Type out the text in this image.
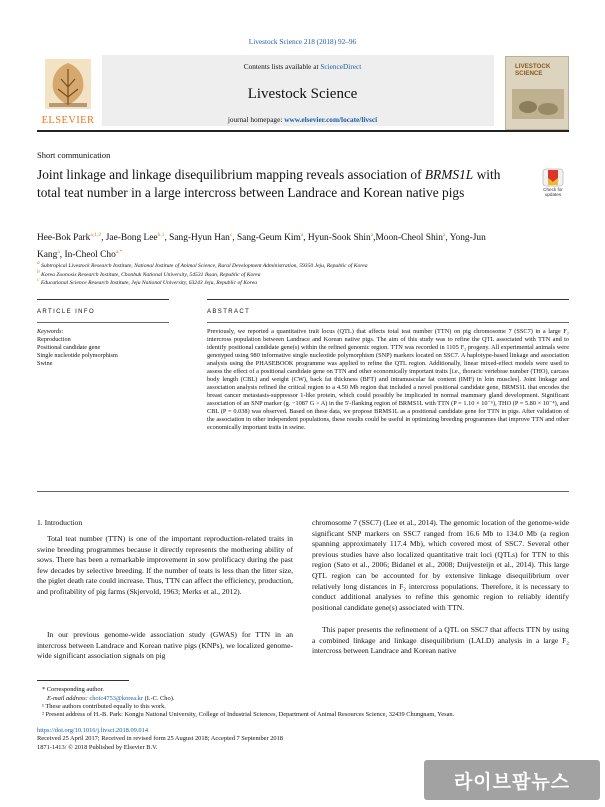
Livestock Science 218 (2018) 92–96
Contents lists available at ScienceDirect
Livestock Science
journal homepage: www.elsevier.com/locate/livsci
ELSEVIER
LIVESTOCK
SCIENCE
Short communication
Joint linkage and linkage disequilibrium mapping reveals association of BRMS1L with total teat number in a large intercross between Landrace and Korean native pigs	Check for updates
Hee-Bok Park$^{a,1,2}$, Jae-Bong Lee$^{b,1}$, Sang-Hyun Han$^c$, Sang-Geum Kim$^a$, Hyun-Sook Shin$^a$,Moon-Cheol Shin$^a$, Yong-Jun Kang$^a$, In-Cheol Cho$^{a,*}$
$^a$ Subtropical Livestock Research Institute, National Institute of Animal Science, Rural Development Administration, 59350 Jeju, Republic of Korea
$^b$ Korea Zoonosis Research Institute, Chonbuk National University, 54531 Iksan, Republic of Korea
$^c$ Educational Science Research Institute, Jeju National University, 63243 Jeju, Republic of Korea
ARTICLE INFO	ABSTRACT
Keywords:
Reproduction
Positional candidate gene
Single nucleotide polymorphism
Swine
Previously, we reported a quantitative trait locus (QTL) that affects total teat number (TTN) on pig chromosome 7 (SSC7) in a large F₂ intercross population between Landrace and Korean native pigs. The aim of this study was to refine the QTL associated with TTN and to identify positional candidate gene(s) within the refined genomic region. TTN was recorded in 1105 F₂ progeny. All experimental animals were genotyped using 980 informative single nucleotide polymorphism (SNP) markers located on SSC7. A haplotype-based linkage and association analysis using the PHASEBOOK programme was applied to refine the QTL region. Additionally, linear mixed-effect models were used to assess the effect of a positional candidate gene on TTN and other economically important traits [i.e., thoracic vertebrae number (THO), carcass body length (CBL) and weight (CW), back fat thickness (BFT) and intramuscular fat content (IMF) in loin muscles]. Joint linkage and association analysis refined the critical region to a 4.50 Mb region that included a novel positional candidate gene, BRMS1L that encodes the breast cancer metastasis-suppressor 1-like protein, which could possibly be implicated in normal mammary gland development. Significant association of an SNP marker (g. −1087 G > A) in the 5′-flanking region of BRMS1L with TTN (P = 1.10 × 10⁻⁶), THO (P = 5.80 × 10⁻⁴), and CBL (P = 0.038) was observed. Based on these data, we propose BRMS1L as a positional candidate gene for TTN in pigs. After validation of the association in other independent populations, these results could be useful in optimizing breeding programmes that improve TTN and other economically important traits in swine.
1. Introduction
Total teat number (TTN) is one of the important reproduction-related traits in swine breeding programmes because it directly represents the mothering ability of sows. There has been a remarkable improvement in sow prolificacy during the past few decades by selective breeding. If the number of teats is less than the litter size, the piglet death rate could increase. Thus, TTN can affect the efficiency, production, and profitability of pig farms (Skjervold, 1963; Merks et al., 2012).
In our previous genome-wide association study (GWAS) for TTN in an intercross between Landrace and Korean native pigs (KNPs), we localized genome-wide significant association signals on pig
chromosome 7 (SSC7) (Lee et al., 2014). The genomic location of the genome-wide significant SNP markers on SSC7 ranged from 16.6 Mb to 134.0 Mb (a region spanning approximately 117.4 Mb), which covered most of SSC7. Several other previous studies have also localized quantitative trait loci (QTLs) for TTN to this region (Sato et al., 2006; Bidanel et al., 2008; Duijvesteijn et al., 2014). This large QTL region can be accounted for by extensive linkage disequilibrium over relatively long distances in F₂ intercross populations. Therefore, it is necessary to conduct additional analyses to refine this genomic region to reliably identify positional candidate gene(s) associated with TTN.
This paper presents the refinement of a QTL on SSC7 that affects TTN by using a combined linkage and linkage disequilibrium (LALD) analysis in a large F₂ intercross between Landrace and Korean native
* Corresponding author.
E-mail address: choic4753@korea.kr (I.-C. Cho).
¹ These authors contributed equally to this work.
² Present address of H.-B. Park: Kongju National University, College of Industrial Sciences, Department of Animal Resources Science, 32439 Chungnam, Yesan.
https://doi.org/10.1016/j.livsci.2018.09.014
Received 25 April 2017; Received in revised form 25 August 2018; Accepted 7 September 2018
1871-1413/ © 2018 Published by Elsevier B.V.
라이브팜뉴스
